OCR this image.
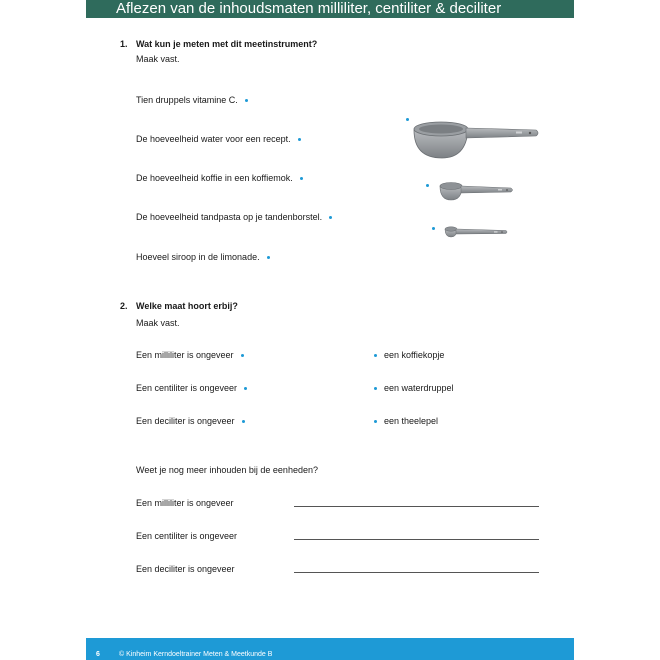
Aflezen van de inhoudsmaten milliliter, centiliter & deciliter
1. Wat kun je meten met dit meetinstrument?
Maak vast.
Tien druppels vitamine C.
De hoeveelheid water voor een recept.
De hoeveelheid koffie in een koffiemok.
De hoeveelheid tandpasta op je tandenborstel.
Hoeveel siroop in de limonade.
2. Welke maat hoort erbij?
Maak vast.
Een milliliter is ongeveer
Een centiliter is ongeveer
Een deciliter is ongeveer
een koffiekopje
een waterdruppel
een theelepel
Weet je nog meer inhouden bij de eenheden?
Een milliliter is ongeveer
Een centiliter is ongeveer
Een deciliter is ongeveer
6	© Kinheim Kerndoeltrainer Meten & Meetkunde B
